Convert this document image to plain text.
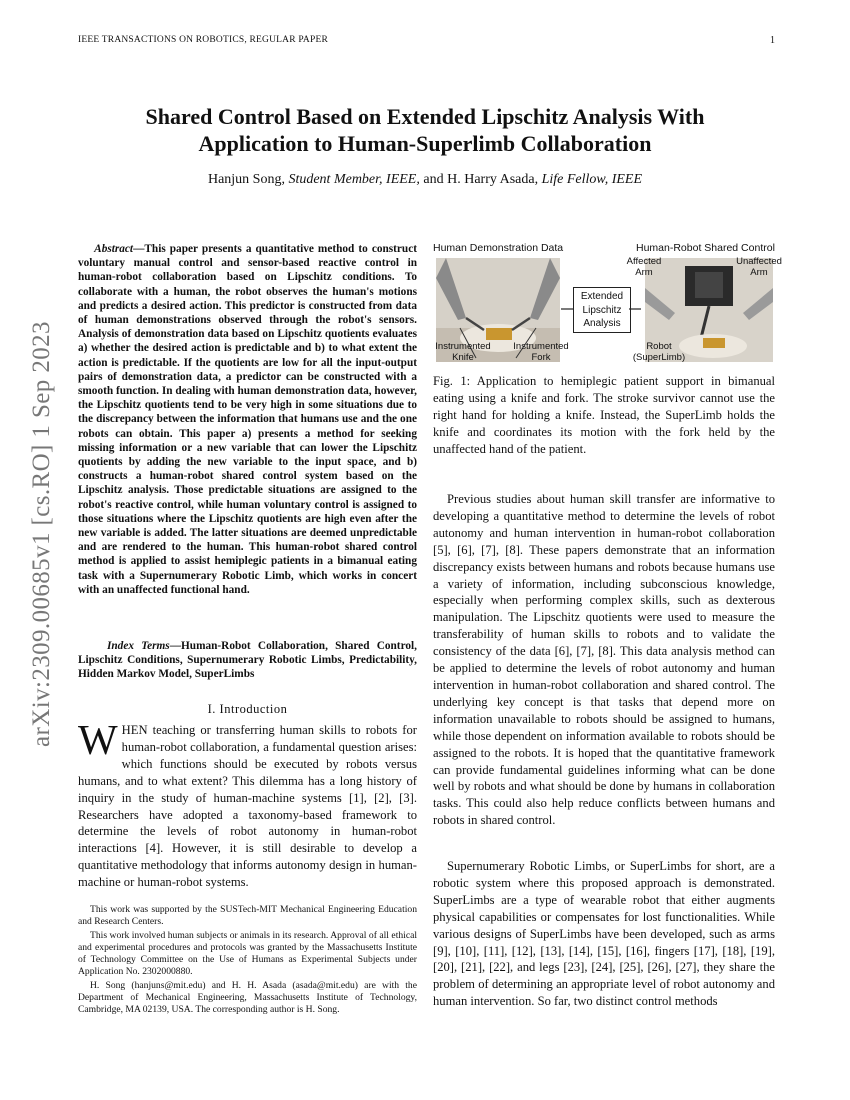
IEEE TRANSACTIONS ON ROBOTICS, REGULAR PAPER	1
arXiv:2309.00685v1 [cs.RO] 1 Sep 2023
Shared Control Based on Extended Lipschitz Analysis With
Application to Human-Superlimb Collaboration
Hanjun Song, Student Member, IEEE, and H. Harry Asada, Life Fellow, IEEE
Abstract—This paper presents a quantitative method to construct voluntary manual control and sensor-based reactive control in human-robot collaboration based on Lipschitz conditions. To collaborate with a human, the robot observes the human's motions and predicts a desired action. This predictor is constructed from data of human demonstrations observed through the robot's sensors. Analysis of demonstration data based on Lipschitz quotients evaluates a) whether the desired action is predictable and b) to what extent the action is predictable. If the quotients are low for all the input-output pairs of demonstration data, a predictor can be constructed with a smooth function. In dealing with human demonstration data, however, the Lipschitz quotients tend to be very high in some situations due to the discrepancy between the information that humans use and the one robots can obtain. This paper a) presents a method for seeking missing information or a new variable that can lower the Lipschitz quotients by adding the new variable to the input space, and b) constructs a human-robot shared control system based on the Lipschitz analysis. Those predictable situations are assigned to the robot's reactive control, while human voluntary control is assigned to those situations where the Lipschitz quotients are high even after the new variable is added. The latter situations are deemed unpredictable and are rendered to the human. This human-robot shared control method is applied to assist hemiplegic patients in a bimanual eating task with a Supernumerary Robotic Limb, which works in concert with an unaffected functional hand.
Index Terms—Human-Robot Collaboration, Shared Control, Lipschitz Conditions, Supernumerary Robotic Limbs, Predictability, Hidden Markov Model, SuperLimbs
I. Introduction
WHEN teaching or transferring human skills to robots for human-robot collaboration, a fundamental question arises: which functions should be executed by robots versus humans, and to what extent? This dilemma has a long history of inquiry in the study of human-machine systems [1], [2], [3]. Researchers have adopted a taxonomy-based framework to determine the levels of robot autonomy in human-robot interactions [4]. However, it is still desirable to develop a quantitative methodology that informs autonomy design in human-machine or human-robot systems.

This work was supported by the SUSTech-MIT Mechanical Engineering Education and Research Centers.

This work involved human subjects or animals in its research. Approval of all ethical and experimental procedures and protocols was granted by the Massachusetts Institute of Technology Committee on the Use of Humans as Experimental Subjects under Application No. 2302000880.

H. Song (hanjuns@mit.edu) and H. H. Asada (asada@mit.edu) are with the Department of Mechanical Engineering, Massachusetts Institute of Technology, Cambridge, MA 02139, USA. The corresponding author is H. Song.

Human Demonstration Data	Human-Robot Shared Control
Instrumented
Knife
Instrumented
Fork
Extended
Lipschitz
Analysis
Affected
Arm
Unaffected
Arm
Robot
(SuperLimb)
Fig. 1: Application to hemiplegic patient support in bimanual eating using a knife and fork. The stroke survivor cannot use the right hand for holding a knife. Instead, the SuperLimb holds the knife and coordinates its motion with the fork held by the unaffected hand of the patient.

Previous studies about human skill transfer are informative to developing a quantitative method to determine the levels of robot autonomy and human intervention in human-robot collaboration [5], [6], [7], [8]. These papers demonstrate that an information discrepancy exists between humans and robots because humans use a variety of information, including subconscious knowledge, especially when performing complex skills, such as dexterous manipulation. The Lipschitz quotients were used to measure the transferability of human skills to robots and to validate the consistency of the data [6], [7], [8]. This data analysis method can be applied to determine the levels of robot autonomy and human intervention in human-robot collaboration and shared control. The underlying key concept is that tasks that depend more on information unavailable to robots should be assigned to humans, while those dependent on information available to robots should be assigned to the robots. It is hoped that the quantitative framework can provide fundamental guidelines informing what can be done well by robots and what should be done by humans in collaboration tasks. This could also help reduce conflicts between humans and robots in shared control.

Supernumerary Robotic Limbs, or SuperLimbs for short, are a robotic system where this proposed approach is demonstrated. SuperLimbs are a type of wearable robot that either augments physical capabilities or compensates for lost functionalities. While various designs of SuperLimbs have been developed, such as arms [9], [10], [11], [12], [13], [14], [15], [16], fingers [17], [18], [19], [20], [21], [22], and legs [23], [24], [25], [26], [27], they share the problem of determining an appropriate level of robot autonomy and human intervention. So far, two distinct control methods
